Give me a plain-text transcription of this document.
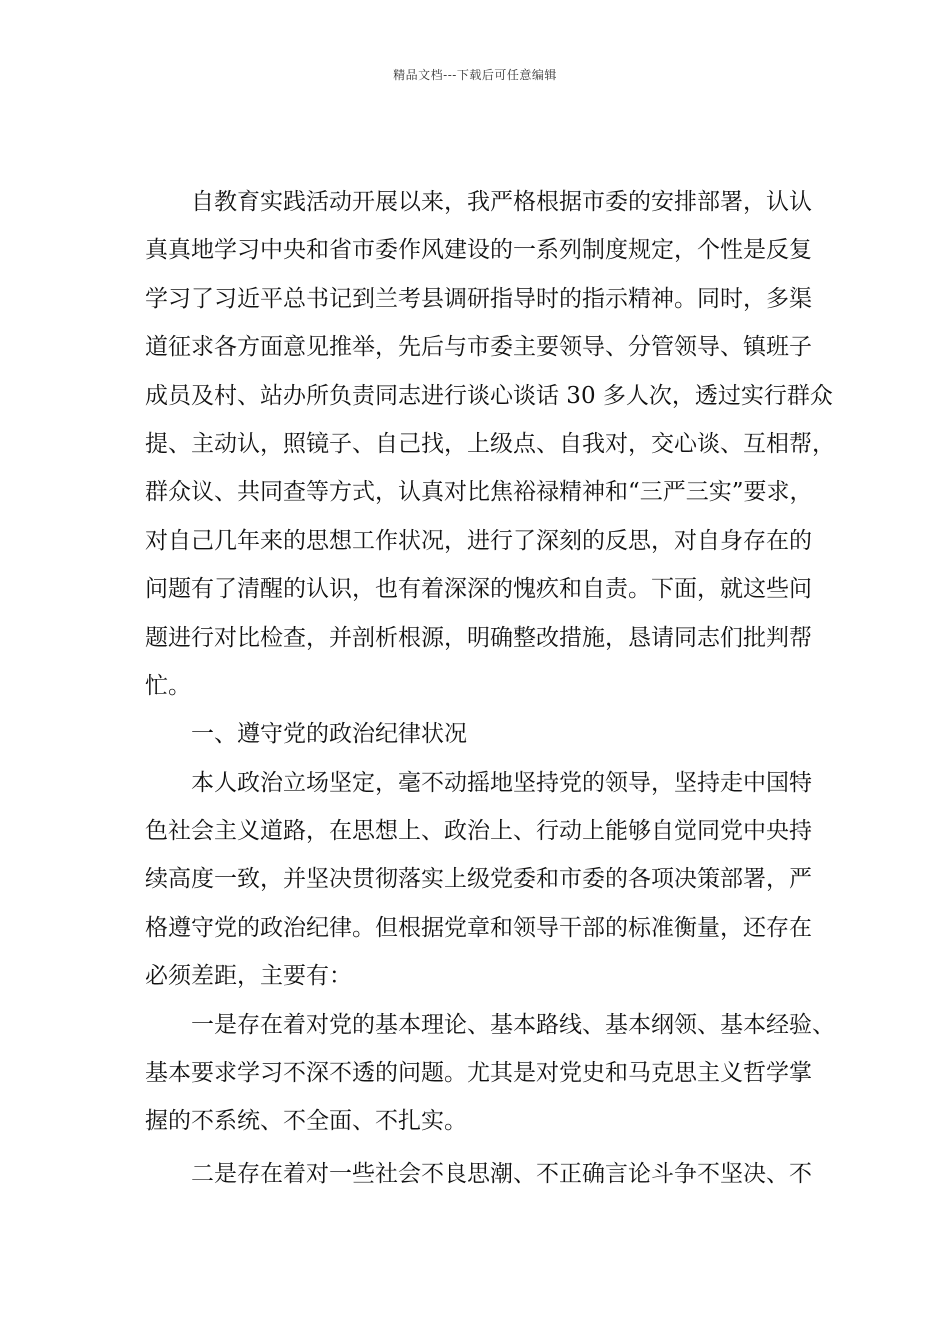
精品文档---下载后可任意编辑
自教育实践活动开展以来，我严格根据市委的安排部署，认认
真真地学习中央和省市委作风建设的一系列制度规定，个性是反复
学习了习近平总书记到兰考县调研指导时的指示精神。同时，多渠
道征求各方面意见推举，先后与市委主要领导、分管领导、镇班子
成员及村、站办所负责同志进行谈心谈话 30 多人次，透过实行群众
提、主动认，照镜子、自己找，上级点、自我对，交心谈、互相帮，
群众议、共同查等方式，认真对比焦裕禄精神和“三严三实”要求，
对自己几年来的思想工作状况，进行了深刻的反思，对自身存在的
问题有了清醒的认识，也有着深深的愧疚和自责。下面，就这些问
题进行对比检查，并剖析根源，明确整改措施，恳请同志们批判帮
忙。
一、遵守党的政治纪律状况
本人政治立场坚定，毫不动摇地坚持党的领导，坚持走中国特
色社会主义道路，在思想上、政治上、行动上能够自觉同党中央持
续高度一致，并坚决贯彻落实上级党委和市委的各项决策部署，严
格遵守党的政治纪律。但根据党章和领导干部的标准衡量，还存在
必须差距，主要有：
一是存在着对党的基本理论、基本路线、基本纲领、基本经验、
基本要求学习不深不透的问题。尤其是对党史和马克思主义哲学掌
握的不系统、不全面、不扎实。
二是存在着对一些社会不良思潮、不正确言论斗争不坚决、不
